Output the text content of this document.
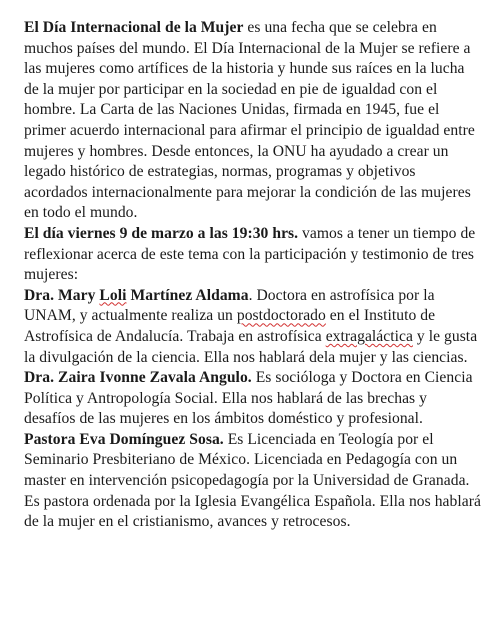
El Día Internacional de la Mujer es una fecha que se celebra en muchos países del mundo. El Día Internacional de la Mujer se refiere a las mujeres como artífices de la historia y hunde sus raíces en la lucha de la mujer por participar en la sociedad en pie de igualdad con el hombre. La Carta de las Naciones Unidas, firmada en 1945, fue el primer acuerdo internacional para afirmar el principio de igualdad entre mujeres y hombres. Desde entonces, la ONU ha ayudado a crear un legado histórico de estrategias, normas, programas y objetivos acordados internacionalmente para mejorar la condición de las mujeres en todo el mundo.

El día viernes 9 de marzo a las 19:30 hrs. vamos a tener un tiempo de reflexionar acerca de este tema con la participación y testimonio de tres mujeres:

Dra. Mary Loli Martínez Aldama. Doctora en astrofísica por la UNAM, y actualmente realiza un postdoctorado en el Instituto de Astrofísica de Andalucía. Trabaja en astrofísica extragaláctica y le gusta la divulgación de la ciencia. Ella nos hablará dela mujer y las ciencias.

Dra. Zaira Ivonne Zavala Angulo. Es socióloga y Doctora en Ciencia Política y Antropología Social. Ella nos hablará de las brechas y desafíos de las mujeres en los ámbitos doméstico y profesional.

Pastora Eva Domínguez Sosa. Es Licenciada en Teología por el Seminario Presbiteriano de México. Licenciada en Pedagogía con un master en intervención psicopedagogía por la Universidad de Granada. Es pastora ordenada por la Iglesia Evangélica Española. Ella nos hablará de la mujer en el cristianismo, avances y retrocesos.
